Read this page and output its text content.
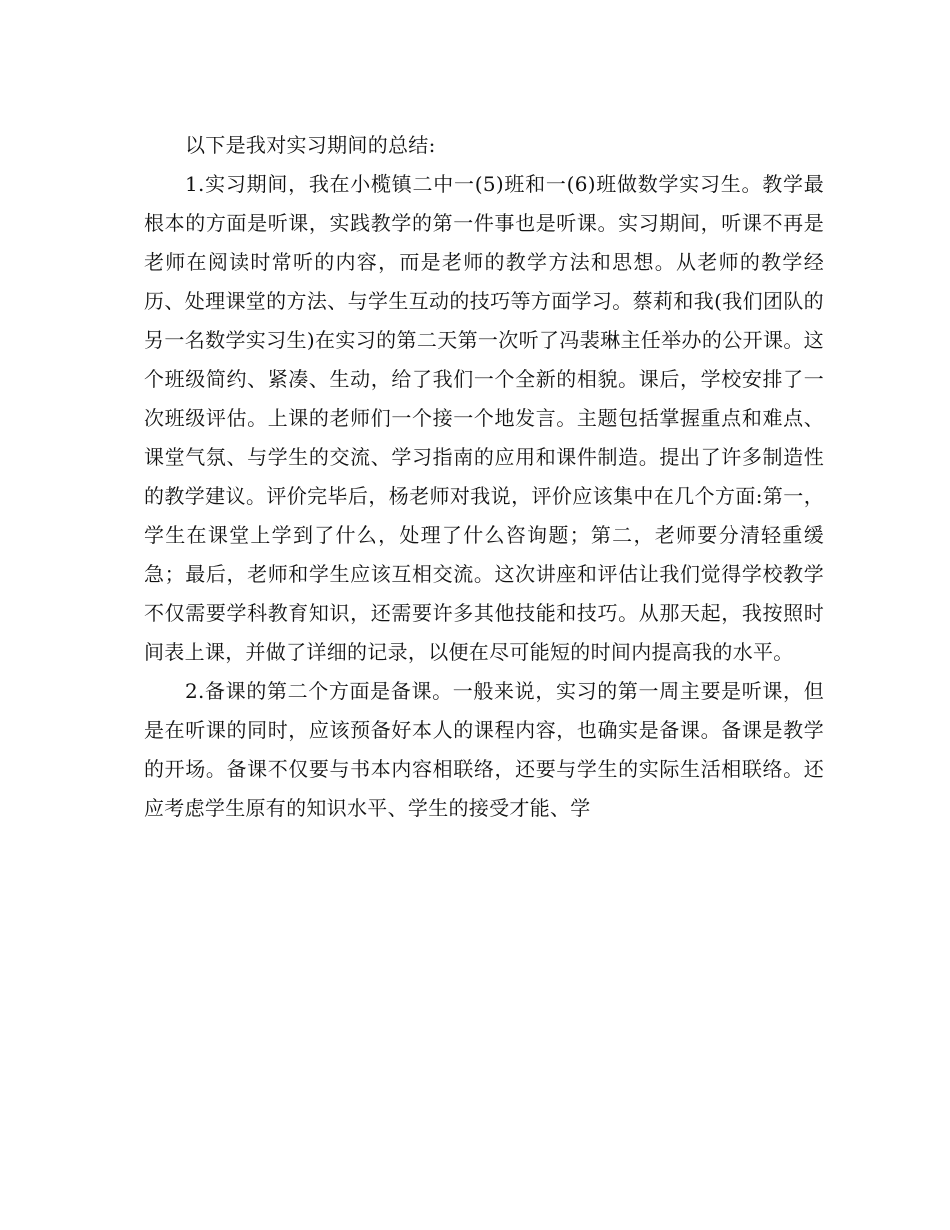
以下是我对实习期间的总结:

1.实习期间，我在小榄镇二中一(5)班和一(6)班做数学实习生。教学最根本的方面是听课，实践教学的第一件事也是听课。实习期间，听课不再是老师在阅读时常听的内容，而是老师的教学方法和思想。从老师的教学经历、处理课堂的方法、与学生互动的技巧等方面学习。蔡莉和我(我们团队的另一名数学实习生)在实习的第二天第一次听了冯裴琳主任举办的公开课。这个班级简约、紧凑、生动，给了我们一个全新的相貌。课后，学校安排了一次班级评估。上课的老师们一个接一个地发言。主题包括掌握重点和难点、课堂气氛、与学生的交流、学习指南的应用和课件制造。提出了许多制造性的教学建议。评价完毕后，杨老师对我说，评价应该集中在几个方面:第一，学生在课堂上学到了什么，处理了什么咨询题；第二，老师要分清轻重缓急；最后，老师和学生应该互相交流。这次讲座和评估让我们觉得学校教学不仅需要学科教育知识，还需要许多其他技能和技巧。从那天起，我按照时间表上课，并做了详细的记录，以便在尽可能短的时间内提高我的水平。

2.备课的第二个方面是备课。一般来说，实习的第一周主要是听课，但是在听课的同时，应该预备好本人的课程内容，也确实是备课。备课是教学的开场。备课不仅要与书本内容相联络，还要与学生的实际生活相联络。还应考虑学生原有的知识水平、学生的接受才能、学
